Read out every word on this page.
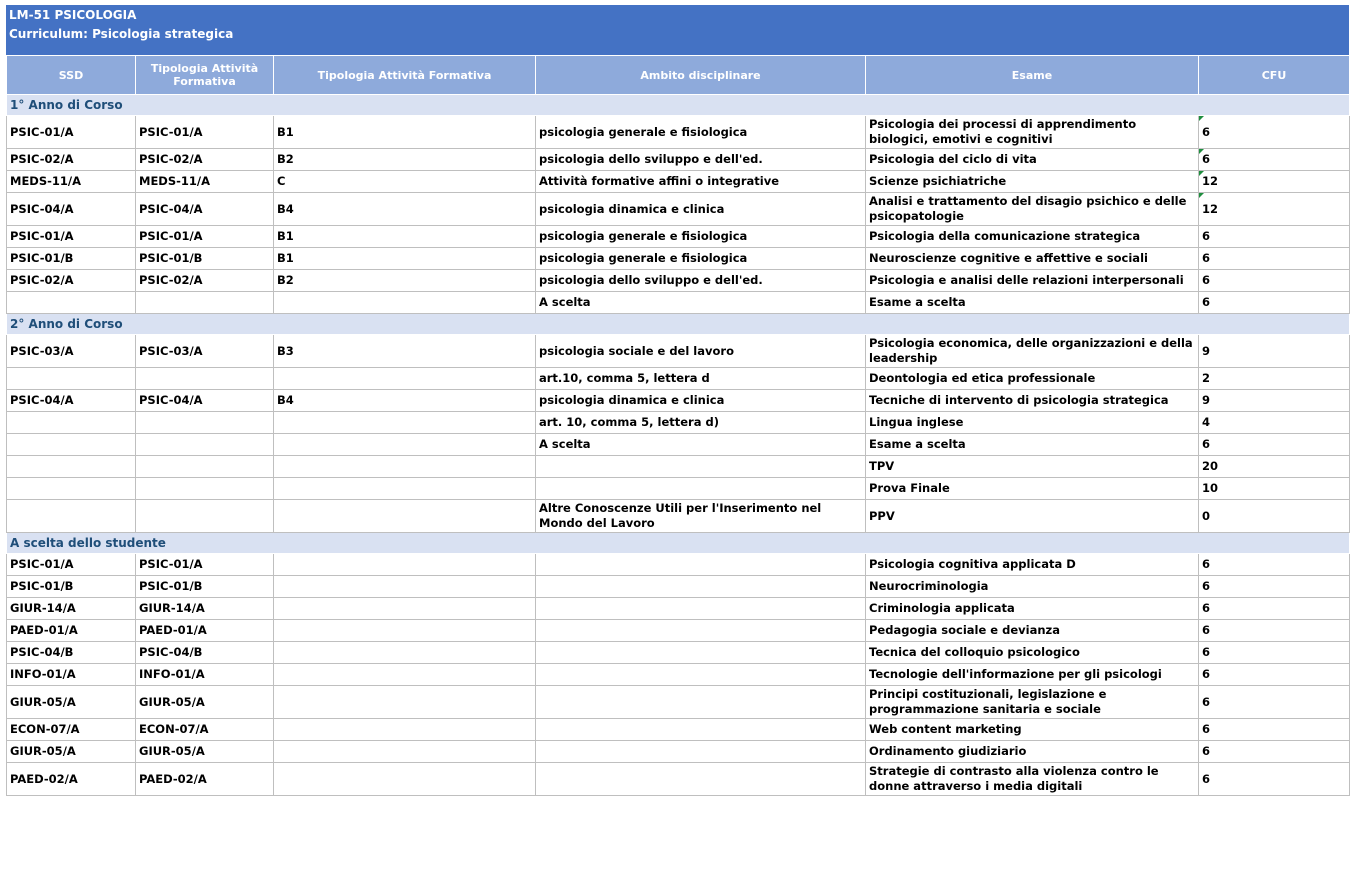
LM-51 PSICOLOGIA
Curriculum: Psicologia strategica
SSD	Tipologia Attività Formativa	Tipologia Attività Formativa	Ambito disciplinare	Esame	CFU
1° Anno di Corso					
PSIC-01/A	PSIC-01/A	B1	psicologia generale e fisiologica	Psicologia dei processi di apprendimento biologici, emotivi e cognitivi	6
PSIC-02/A	PSIC-02/A	B2	psicologia dello sviluppo e dell'ed.	Psicologia del ciclo di vita	6
MEDS-11/A	MEDS-11/A	C	Attività formative affini o integrative	Scienze psichiatriche	12
PSIC-04/A	PSIC-04/A	B4	psicologia dinamica e clinica	Analisi e trattamento del disagio psichico e delle psicopatologie	12
PSIC-01/A	PSIC-01/A	B1	psicologia generale e fisiologica	Psicologia della comunicazione strategica	6
PSIC-01/B	PSIC-01/B	B1	psicologia generale e fisiologica	Neuroscienze cognitive e affettive e sociali	6
PSIC-02/A	PSIC-02/A	B2	psicologia dello sviluppo e dell'ed.	Psicologia e analisi delle relazioni interpersonali	6
			A scelta	Esame a scelta	6
2° Anno di Corso					
PSIC-03/A	PSIC-03/A	B3	psicologia sociale e del lavoro	Psicologia economica, delle organizzazioni e della leadership	9
			art.10, comma 5, lettera d	Deontologia ed etica professionale	2
PSIC-04/A	PSIC-04/A	B4	psicologia dinamica e clinica	Tecniche di intervento di psicologia strategica	9
			art. 10, comma 5, lettera d)	Lingua inglese	4
			A scelta	Esame a scelta	6
				TPV	20
				Prova Finale	10
			Altre Conoscenze Utili per l'Inserimento nel Mondo del Lavoro	PPV	0
A scelta dello studente					
PSIC-01/A	PSIC-01/A			Psicologia cognitiva applicata D	6
PSIC-01/B	PSIC-01/B			Neurocriminologia	6
GIUR-14/A	GIUR-14/A			Criminologia applicata	6
PAED-01/A	PAED-01/A			Pedagogia sociale e devianza	6
PSIC-04/B	PSIC-04/B			Tecnica del colloquio psicologico	6
INFO-01/A	INFO-01/A			Tecnologie dell'informazione per gli psicologi	6
GIUR-05/A	GIUR-05/A			Principi costituzionali, legislazione e programmazione sanitaria e sociale	6
ECON-07/A	ECON-07/A			Web content marketing	6
GIUR-05/A	GIUR-05/A			Ordinamento giudiziario	6
PAED-02/A	PAED-02/A			Strategie di contrasto alla violenza contro le donne attraverso i media digitali	6
